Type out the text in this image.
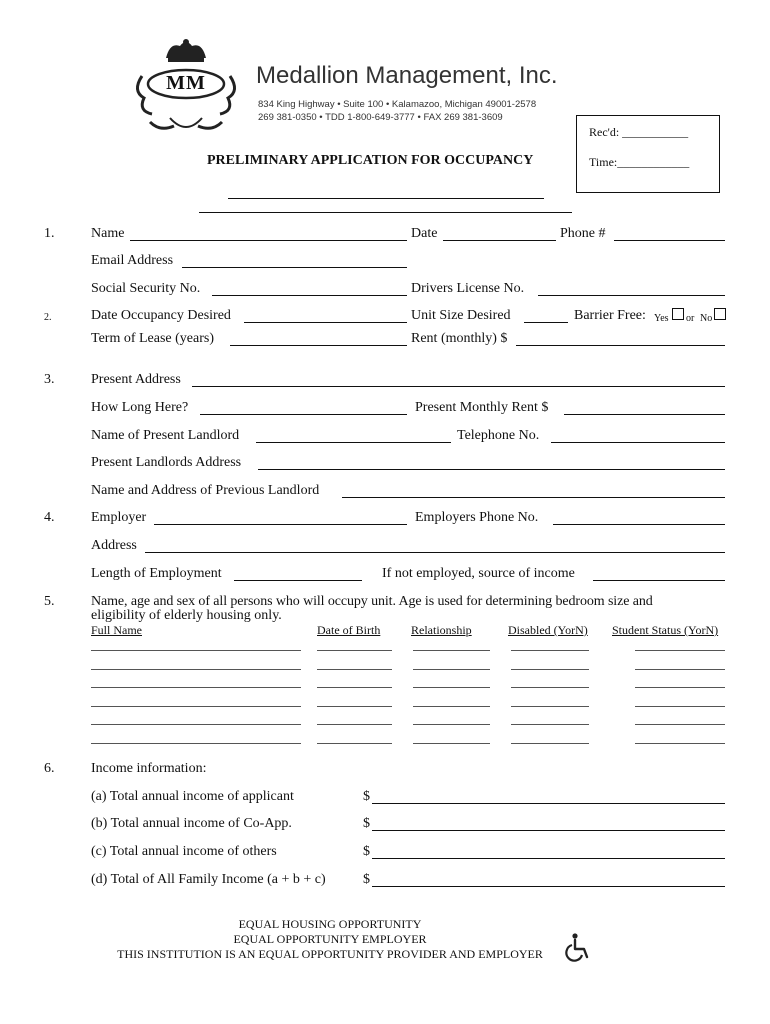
MM	Medallion Management, Inc.
834 King Highway • Suite 100 • Kalamazoo, Michigan 49001-2578
269 381-0350 • TDD 1-800-649-3777 • FAX 269 381-3609
Rec'd: ___________
Time:____________
PRELIMINARY APPLICATION FOR OCCUPANCY
1.	Name	Date	Phone #
Email Address
Social Security No.	Drivers License No.
2.	Date Occupancy Desired	Unit Size Desired	Barrier Free: Yes or No
Term of Lease (years)	Rent (monthly) $
3.	Present Address
How Long Here?	Present Monthly Rent $
Name of Present Landlord	Telephone No.
Present Landlords Address
Name and Address of Previous Landlord
4.	Employer	Employers Phone No.
Address
Length of Employment	If not employed, source of income
5.	Name, age and sex of all persons who will occupy unit. Age is used for determining bedroom size and
eligibility of elderly housing only.
Full Name	Date of Birth	Relationship	Disabled (YorN) Student Status (YorN)
6.	Income information:
(a) Total annual income of applicant	$
(b) Total annual income of Co-App.	$
(c) Total annual income of others	$
(d) Total of All Family Income (a + b + c)	$
EQUAL HOUSING OPPORTUNITY
EQUAL OPPORTUNITY EMPLOYER
THIS INSTITUTION IS AN EQUAL OPPORTUNITY PROVIDER AND EMPLOYER
